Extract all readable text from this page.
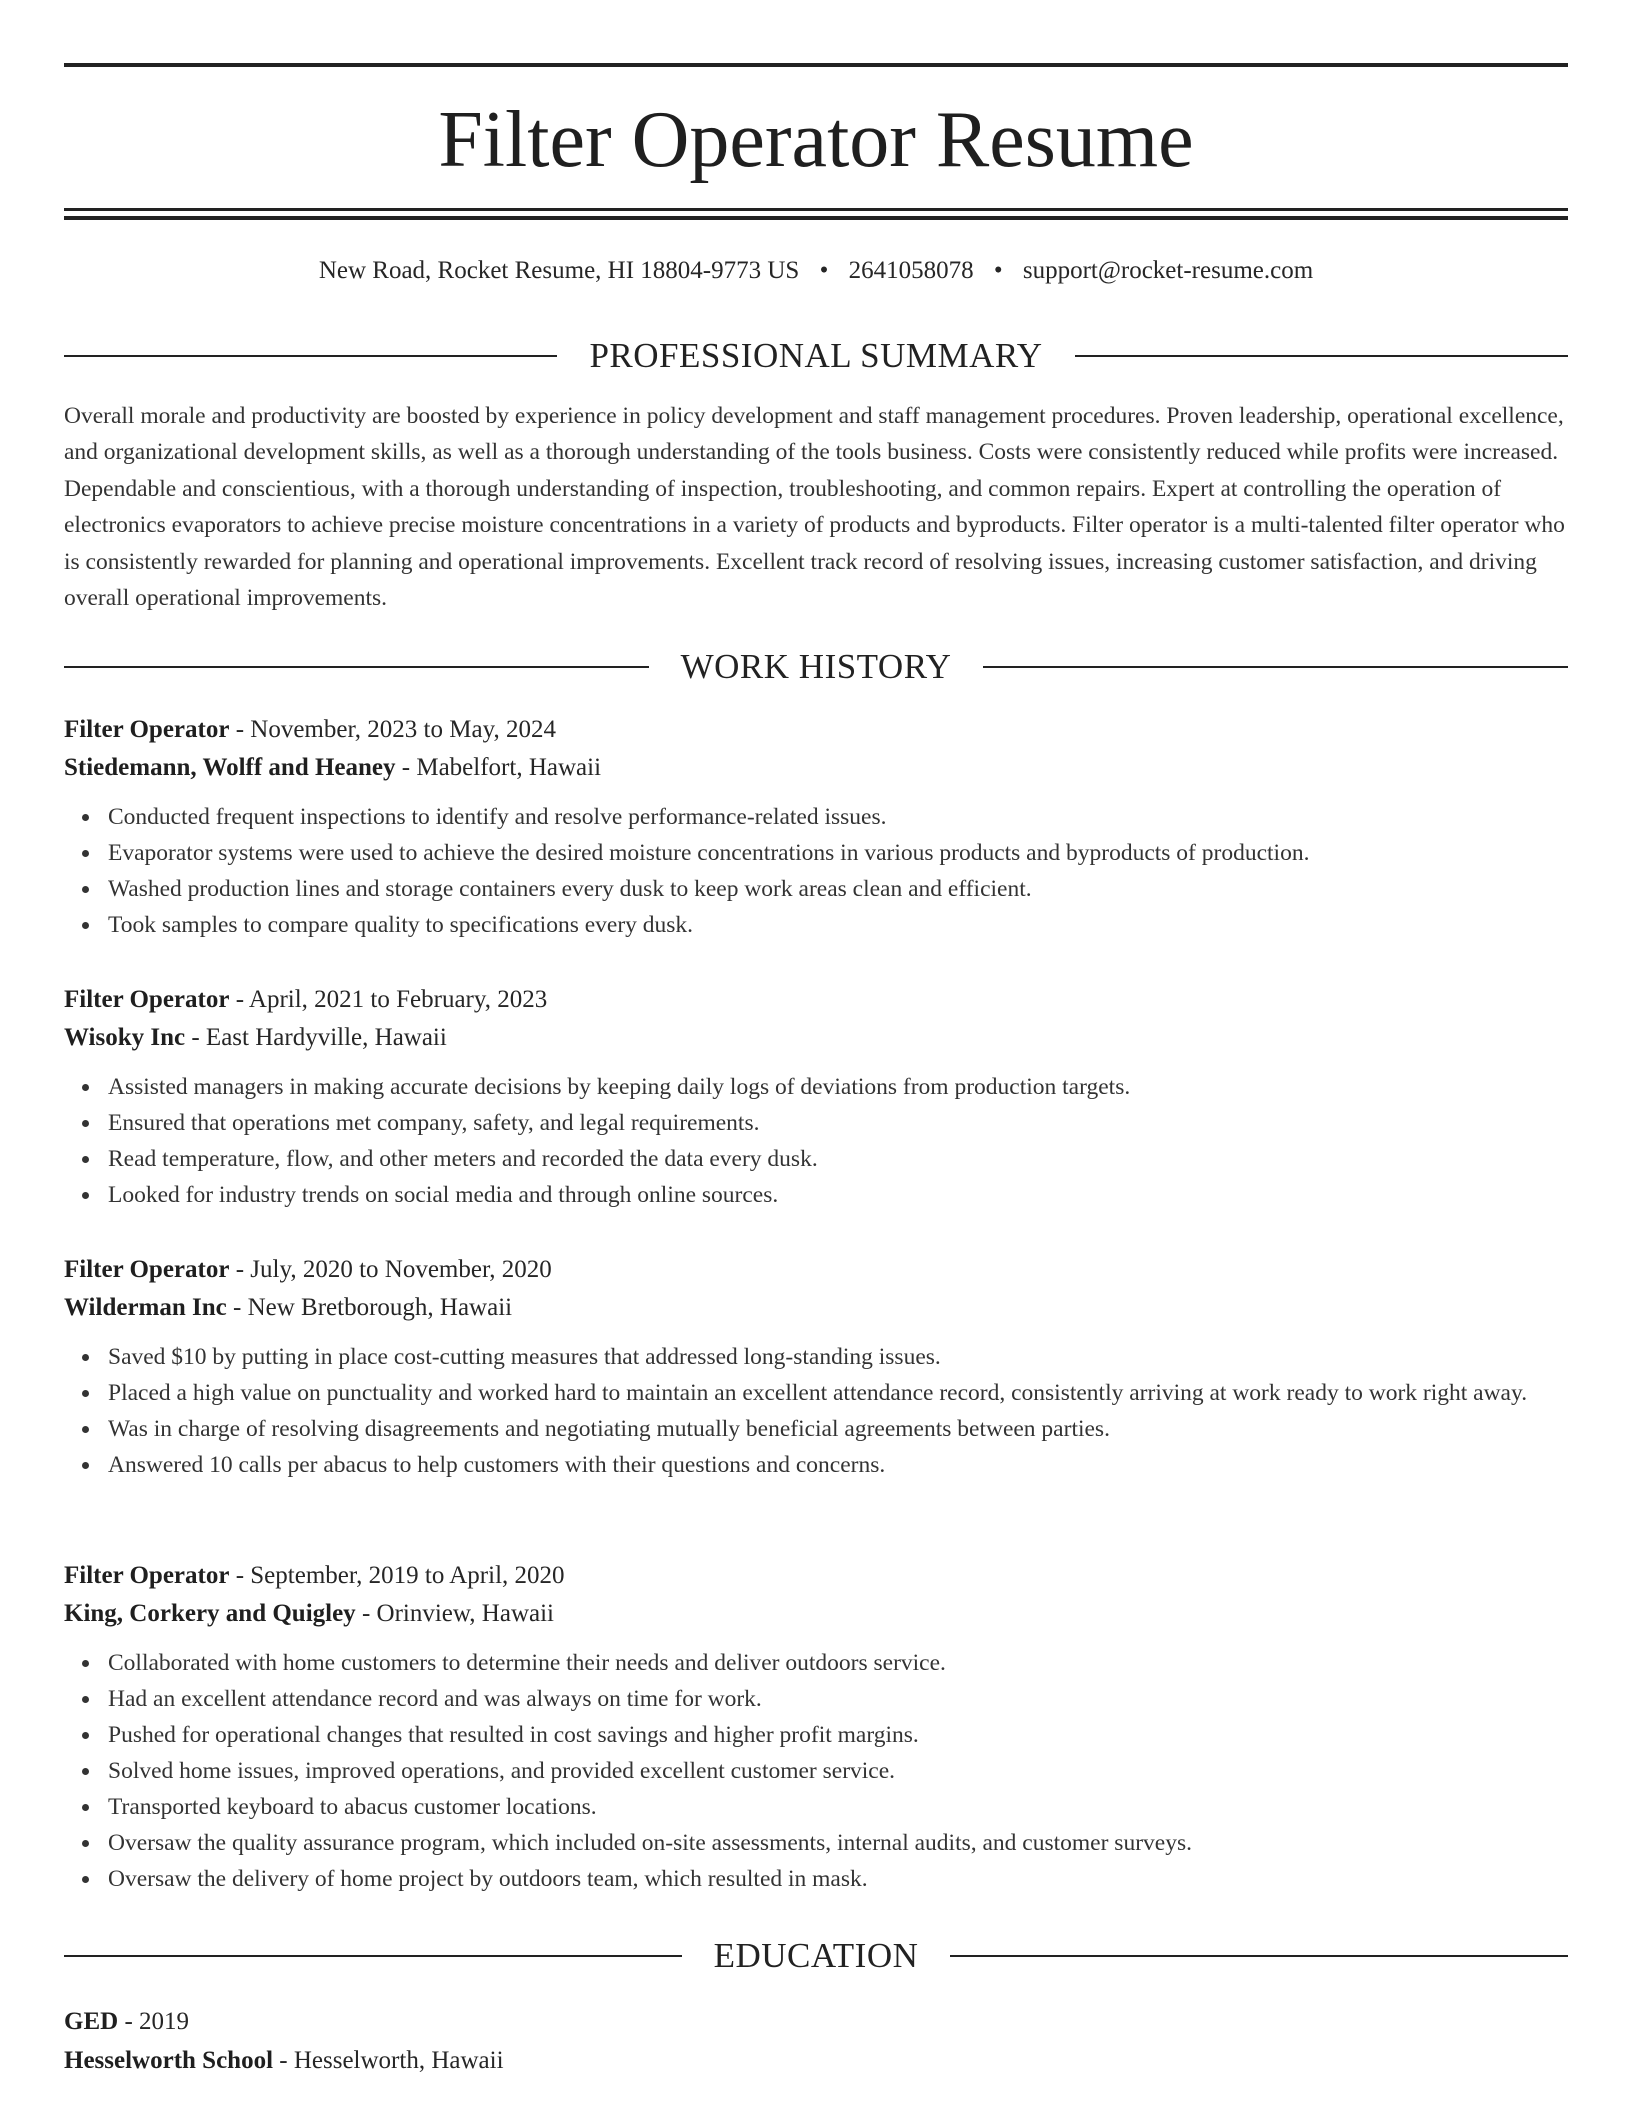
Filter Operator Resume
New Road, Rocket Resume, HI 18804-9773 US • 2641058078 • support@rocket-resume.com
PROFESSIONAL SUMMARY

Overall morale and productivity are boosted by experience in policy development and staff management procedures. Proven leadership, operational excellence, and organizational development skills, as well as a thorough understanding of the tools business. Costs were consistently reduced while profits were increased. Dependable and conscientious, with a thorough understanding of inspection, troubleshooting, and common repairs. Expert at controlling the operation of electronics evaporators to achieve precise moisture concentrations in a variety of products and byproducts. Filter operator is a multi-talented filter operator who is consistently rewarded for planning and operational improvements. Excellent track record of resolving issues, increasing customer satisfaction, and driving overall operational improvements.

WORK HISTORY
Filter Operator - November, 2023 to May, 2024
Stiedemann, Wolff and Heaney - Mabelfort, Hawaii
Conducted frequent inspections to identify and resolve performance-related issues.
Evaporator systems were used to achieve the desired moisture concentrations in various products and byproducts of production.
Washed production lines and storage containers every dusk to keep work areas clean and efficient.
Took samples to compare quality to specifications every dusk.
Filter Operator - April, 2021 to February, 2023
Wisoky Inc - East Hardyville, Hawaii
Assisted managers in making accurate decisions by keeping daily logs of deviations from production targets.
Ensured that operations met company, safety, and legal requirements.
Read temperature, flow, and other meters and recorded the data every dusk.
Looked for industry trends on social media and through online sources.
Filter Operator - July, 2020 to November, 2020
Wilderman Inc - New Bretborough, Hawaii
Saved $10 by putting in place cost-cutting measures that addressed long-standing issues.
Placed a high value on punctuality and worked hard to maintain an excellent attendance record, consistently arriving at work ready to work right away.
Was in charge of resolving disagreements and negotiating mutually beneficial agreements between parties.
Answered 10 calls per abacus to help customers with their questions and concerns.
Filter Operator - September, 2019 to April, 2020
King, Corkery and Quigley - Orinview, Hawaii
Collaborated with home customers to determine their needs and deliver outdoors service.
Had an excellent attendance record and was always on time for work.
Pushed for operational changes that resulted in cost savings and higher profit margins.
Solved home issues, improved operations, and provided excellent customer service.
Transported keyboard to abacus customer locations.
Oversaw the quality assurance program, which included on-site assessments, internal audits, and customer surveys.
Oversaw the delivery of home project by outdoors team, which resulted in mask.
EDUCATION
GED - 2019
Hesselworth School - Hesselworth, Hawaii
